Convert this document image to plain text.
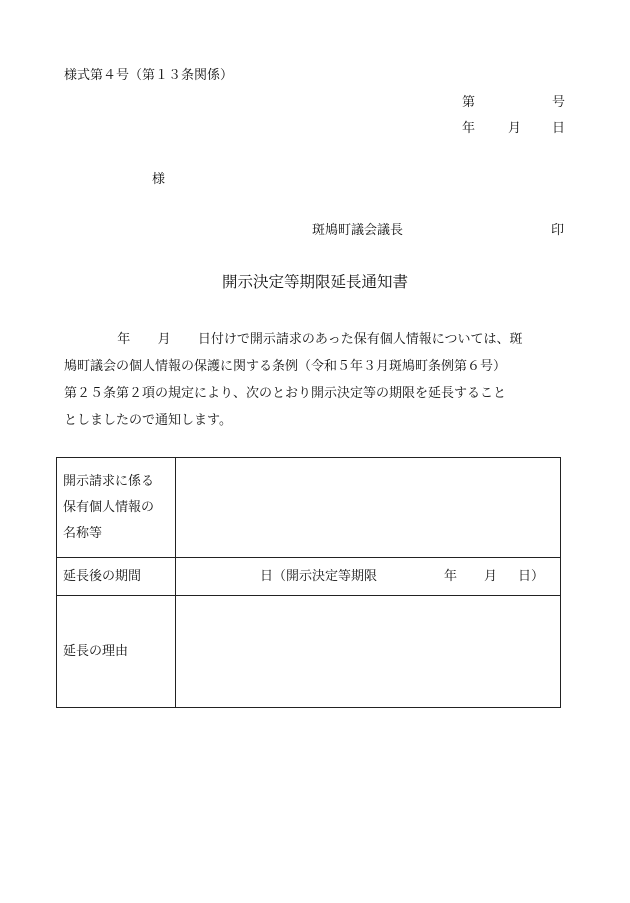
様式第４号（第１３条関係）
第	号
年	月 日
様
斑鳩町議会議長	印
開示決定等期限延長通知書
年 月 日付けで開示請求のあった保有個人情報については、斑
鳩町議会の個人情報の保護に関する条例（令和５年３月斑鳩町条例第６号）
第２５条第２項の規定により、次のとおり開示決定等の期限を延長すること
としましたので通知します。
開示請求に係る
保有個人情報の
名称等	

延長後の期間	日（開示決定等期限 年 月 日）

延長の理由	
